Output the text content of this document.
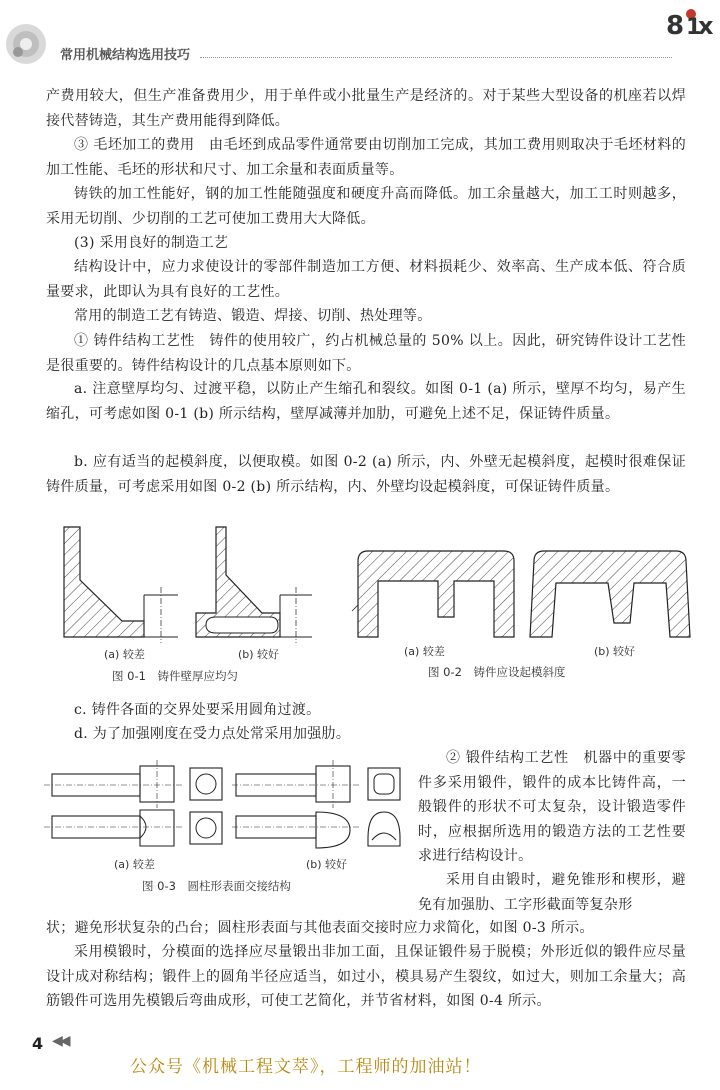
常用机械结构选用技巧
8 1
x

产费用较大，但生产准备费用少，用于单件或小批量生产是经济的。对于某些大型设备的机座若以焊接代替铸造，其生产费用能得到降低。

③ 毛坯加工的费用　由毛坯到成品零件通常要由切削加工完成，其加工费用则取决于毛坯材料的加工性能、毛坯的形状和尺寸、加工余量和表面质量等。

铸铁的加工性能好，钢的加工性能随强度和硬度升高而降低。加工余量越大，加工工时则越多，采用无切削、少切削的工艺可使加工费用大大降低。

(3) 采用良好的制造工艺

结构设计中，应力求使设计的零部件制造加工方便、材料损耗少、效率高、生产成本低、符合质量要求，此即认为具有良好的工艺性。

常用的制造工艺有铸造、锻造、焊接、切削、热处理等。

① 铸件结构工艺性　铸件的使用较广，约占机械总量的 50% 以上。因此，研究铸件设计工艺性是很重要的。铸件结构设计的几点基本原则如下。

a. 注意壁厚均匀、过渡平稳，以防止产生缩孔和裂纹。如图 0-1 (a) 所示，壁厚不均匀，易产生缩孔，可考虑如图 0-1 (b) 所示结构，壁厚减薄并加肋，可避免上述不足，保证铸件质量。

b. 应有适当的起模斜度，以便取模。如图 0-2 (a) 所示，内、外壁无起模斜度，起模时很难保证铸件质量，可考虑采用如图 0-2 (b) 所示结构，内、外壁均设起模斜度，可保证铸件质量。

(a) 较差	(b) 较好
图 0-1　铸件壁厚应均匀
(a) 较差	(b) 较好
图 0-2　铸件应设起模斜度

c. 铸件各面的交界处要采用圆角过渡。

d. 为了加强刚度在受力点处常采用加强肋。

(a) 较差	(b) 较好
图 0-3　圆柱形表面交接结构

② 锻件结构工艺性　机器中的重要零件多采用锻件，锻件的成本比铸件高，一般锻件的形状不可太复杂，设计锻造零件时，应根据所选用的锻造方法的工艺性要求进行结构设计。

采用自由锻时，避免锥形和楔形，避免有加强肋、工字形截面等复杂形

状；避免形状复杂的凸台；圆柱形表面与其他表面交接时应力求简化，如图 0-3 所示。

采用模锻时，分模面的选择应尽量锻出非加工面，且保证锻件易于脱模；外形近似的锻件应尽量设计成对称结构；锻件上的圆角半径应适当，如过小，模具易产生裂纹，如过大，则加工余量大；高筋锻件可选用先模锻后弯曲成形，可使工艺简化，并节省材料，如图 0-4 所示。

4 ◀◀
公众号《机械工程文萃》，工程师的加油站！
